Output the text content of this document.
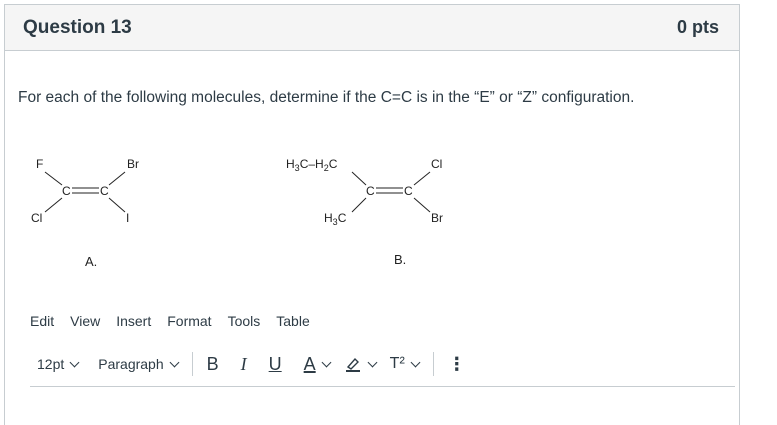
Question 13	0 pts
For each of the following molecules, determine if the C=C is in the “E” or “Z” configuration.
F	Br
Cl	I
C C
A.
$H_3C-H_2C$
$H_3C$
Cl
Br
C C
B.
Edit View Insert Format Tools Table
12pt Paragraph B I U A	T² ⋮
